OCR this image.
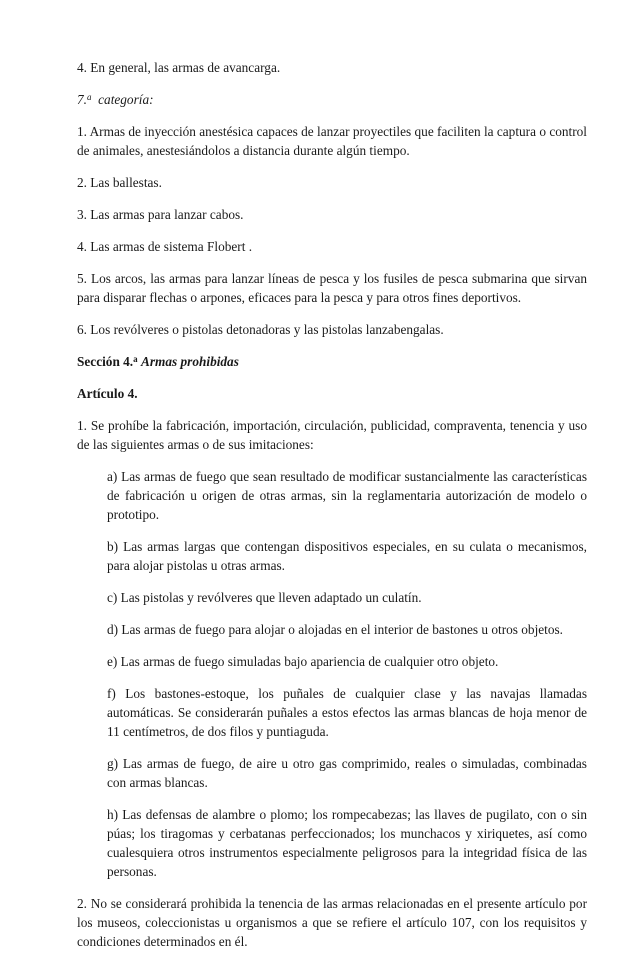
4. En general, las armas de avancarga.

7.$^a$ categoría:

1. Armas de inyección anestésica capaces de lanzar proyectiles que faciliten la captura o control de animales, anestesiándolos a distancia durante algún tiempo.

2. Las ballestas.

3. Las armas para lanzar cabos.

4. Las armas de sistema Flobert .

5. Los arcos, las armas para lanzar líneas de pesca y los fusiles de pesca submarina que sirvan para disparar flechas o arpones, eficaces para la pesca y para otros fines deportivos.

6. Los revólveres o pistolas detonadoras y las pistolas lanzabengalas.

Sección 4.$^a$ Armas prohibidas

Artículo 4.

1. Se prohíbe la fabricación, importación, circulación, publicidad, compraventa, tenencia y uso de las siguientes armas o de sus imitaciones:

a) Las armas de fuego que sean resultado de modificar sustancialmente las características de fabricación u origen de otras armas, sin la reglamentaria autorización de modelo o prototipo.

b) Las armas largas que contengan dispositivos especiales, en su culata o mecanismos, para alojar pistolas u otras armas.

c) Las pistolas y revólveres que lleven adaptado un culatín.

d) Las armas de fuego para alojar o alojadas en el interior de bastones u otros objetos.

e) Las armas de fuego simuladas bajo apariencia de cualquier otro objeto.

f) Los bastones-estoque, los puñales de cualquier clase y las navajas llamadas automáticas. Se considerarán puñales a estos efectos las armas blancas de hoja menor de 11 centímetros, de dos filos y puntiaguda.

g) Las armas de fuego, de aire u otro gas comprimido, reales o simuladas, combinadas con armas blancas.

h) Las defensas de alambre o plomo; los rompecabezas; las llaves de pugilato, con o sin púas; los tiragomas y cerbatanas perfeccionados; los munchacos y xiriquetes, así como cualesquiera otros instrumentos especialmente peligrosos para la integridad física de las personas.

2. No se considerará prohibida la tenencia de las armas relacionadas en el presente artículo por los museos, coleccionistas u organismos a que se refiere el artículo 107, con los requisitos y condiciones determinados en él.
